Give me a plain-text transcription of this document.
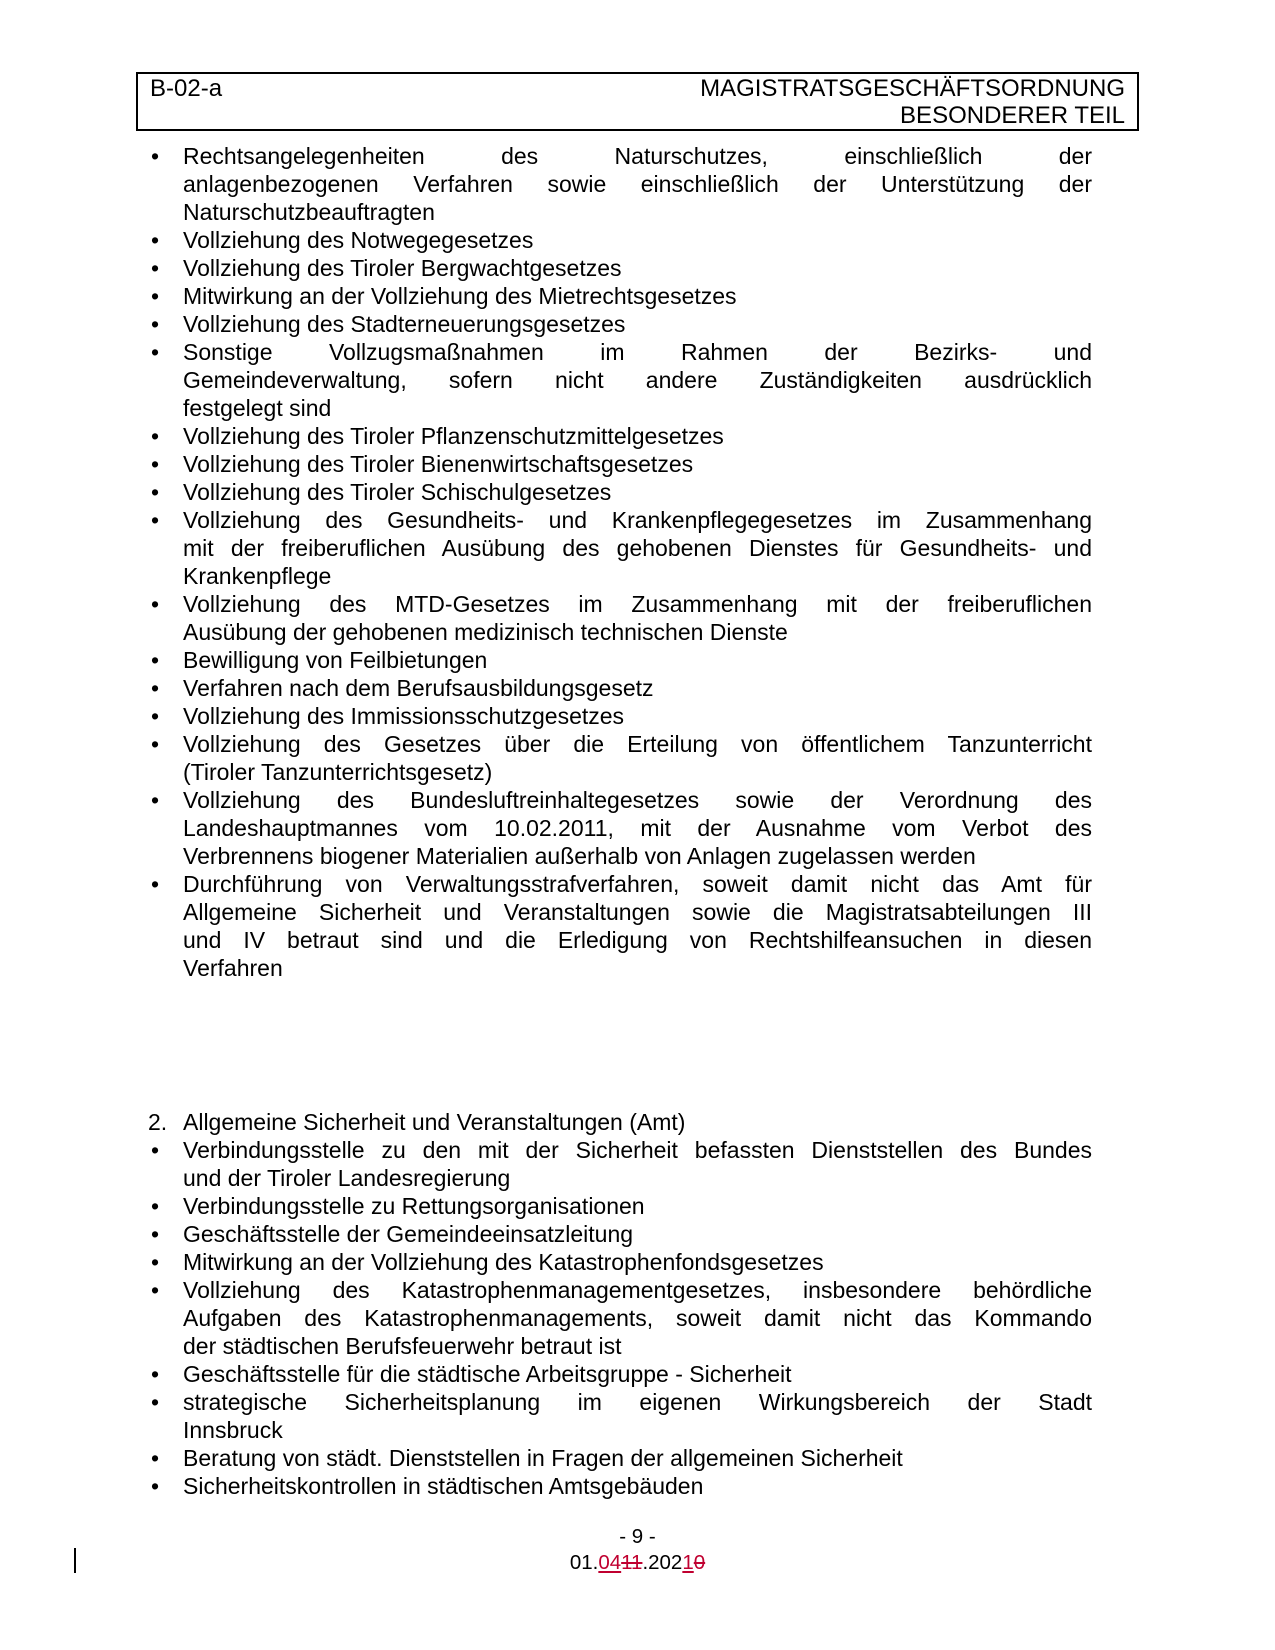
B-02-a	MAGISTRATSGESCHÄFTSORDNUNG
BESONDERER TEIL
• Rechtsangelegenheiten des Naturschutzes, einschließlich der
anlagenbezogenen Verfahren sowie einschließlich der Unterstützung der
Naturschutzbeauftragten
• Vollziehung des Notwegegesetzes
• Vollziehung des Tiroler Bergwachtgesetzes
• Mitwirkung an der Vollziehung des Mietrechtsgesetzes
• Vollziehung des Stadterneuerungsgesetzes
• Sonstige Vollzugsmaßnahmen im Rahmen der Bezirks- und
Gemeindeverwaltung, sofern nicht andere Zuständigkeiten ausdrücklich
festgelegt sind
• Vollziehung des Tiroler Pflanzenschutzmittelgesetzes
• Vollziehung des Tiroler Bienenwirtschaftsgesetzes
• Vollziehung des Tiroler Schischulgesetzes
• Vollziehung des Gesundheits- und Krankenpflegegesetzes im Zusammenhang
mit der freiberuflichen Ausübung des gehobenen Dienstes für Gesundheits- und
Krankenpflege
• Vollziehung des MTD-Gesetzes im Zusammenhang mit der freiberuflichen
Ausübung der gehobenen medizinisch technischen Dienste
• Bewilligung von Feilbietungen
• Verfahren nach dem Berufsausbildungsgesetz
• Vollziehung des Immissionsschutzgesetzes
• Vollziehung des Gesetzes über die Erteilung von öffentlichem Tanzunterricht
(Tiroler Tanzunterrichtsgesetz)
• Vollziehung des Bundesluftreinhaltegesetzes sowie der Verordnung des
Landeshauptmannes vom 10.02.2011, mit der Ausnahme vom Verbot des
Verbrennens biogener Materialien außerhalb von Anlagen zugelassen werden
• Durchführung von Verwaltungsstrafverfahren, soweit damit nicht das Amt für
Allgemeine Sicherheit und Veranstaltungen sowie die Magistratsabteilungen III
und IV betraut sind und die Erledigung von Rechtshilfeansuchen in diesen
Verfahren
2. Allgemeine Sicherheit und Veranstaltungen (Amt)
• Verbindungsstelle zu den mit der Sicherheit befassten Dienststellen des Bundes
und der Tiroler Landesregierung
• Verbindungsstelle zu Rettungsorganisationen
• Geschäftsstelle der Gemeindeeinsatzleitung
• Mitwirkung an der Vollziehung des Katastrophenfondsgesetzes
• Vollziehung des Katastrophenmanagementgesetzes, insbesondere behördliche
Aufgaben des Katastrophenmanagements, soweit damit nicht das Kommando
der städtischen Berufsfeuerwehr betraut ist
• Geschäftsstelle für die städtische Arbeitsgruppe - Sicherheit
• strategische Sicherheitsplanung im eigenen Wirkungsbereich der Stadt
Innsbruck
• Beratung von städt. Dienststellen in Fragen der allgemeinen Sicherheit
• Sicherheitskontrollen in städtischen Amtsgebäuden
- 9 -
01.0411.20210
